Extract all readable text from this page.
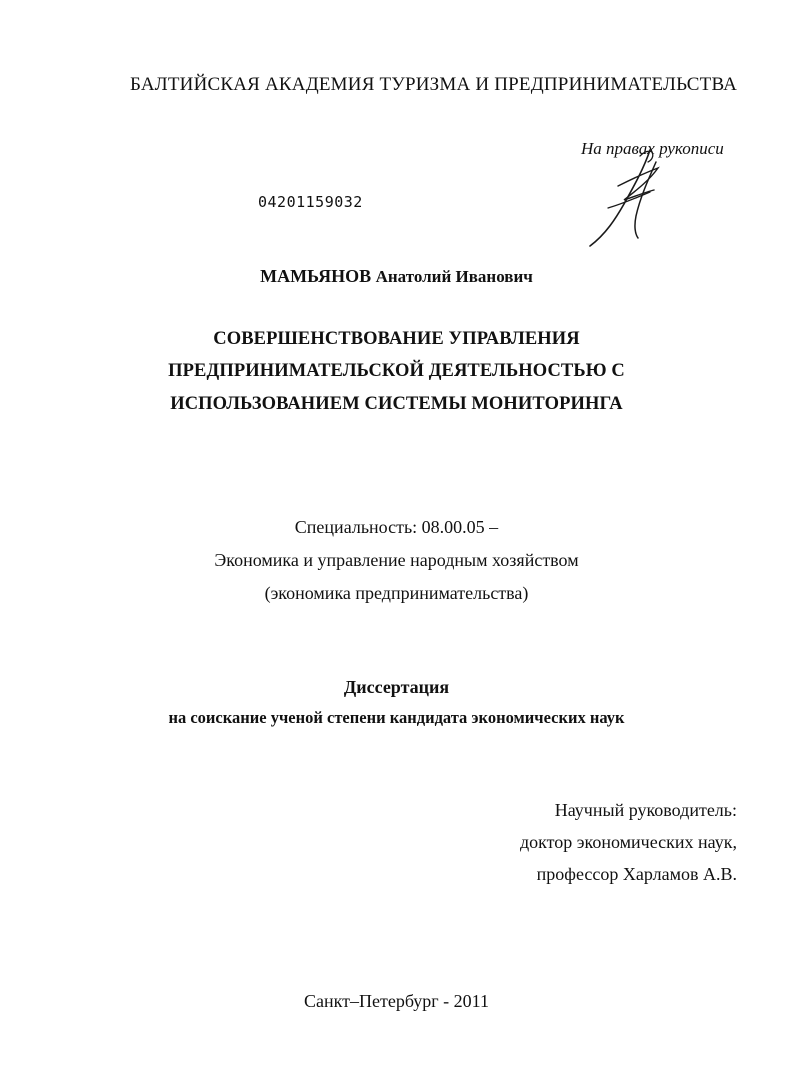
БАЛТИЙСКАЯ АКАДЕМИЯ ТУРИЗМА И ПРЕДПРИНИМАТЕЛЬСТВА
На правах рукописи
04201159032
МАМЬЯНОВ Анатолий Иванович
СОВЕРШЕНСТВОВАНИЕ УПРАВЛЕНИЯ
ПРЕДПРИНИМАТЕЛЬСКОЙ ДЕЯТЕЛЬНОСТЬЮ С
ИСПОЛЬЗОВАНИЕМ СИСТЕМЫ МОНИТОРИНГА
Специальность: 08.00.05 –
Экономика и управление народным хозяйством
(экономика предпринимательства)
Диссертация
на соискание ученой степени кандидата экономических наук
Научный руководитель:
доктор экономических наук,
профессор Харламов А.В.
Санкт–Петербург - 2011
